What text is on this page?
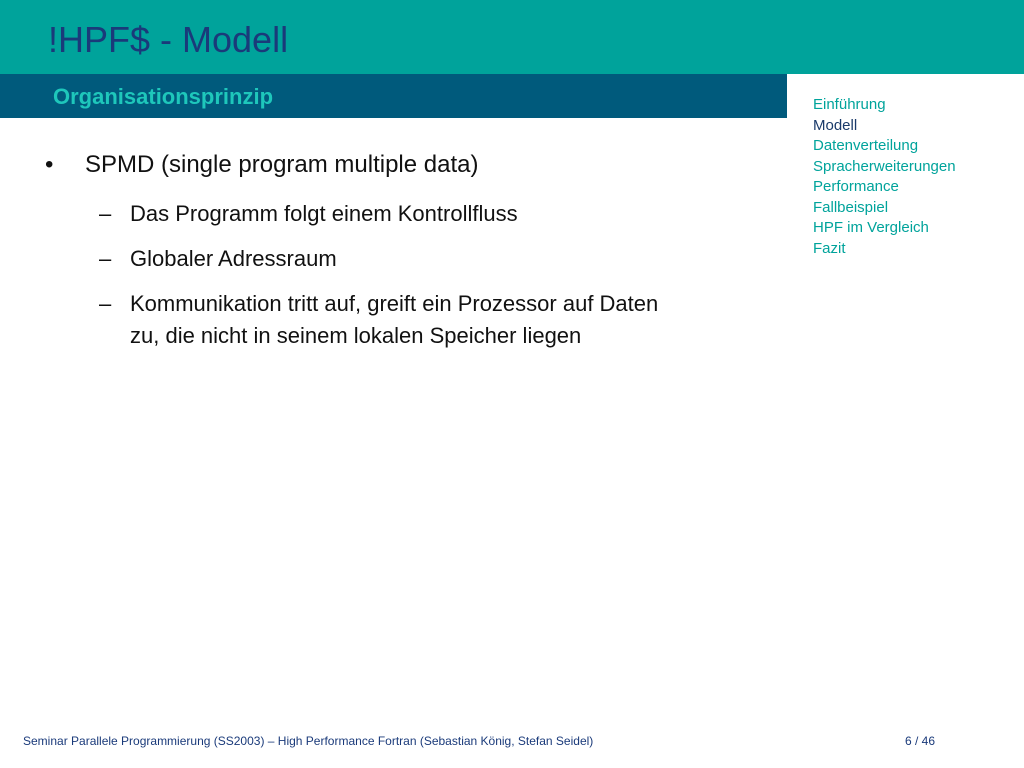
!HPF$ - Modell
Organisationsprinzip
• SPMD (single program multiple data)
– Das Programm folgt einem Kontrollfluss
– Globaler Adressraum
– Kommunikation tritt auf, greift ein Prozessor auf Daten
zu, die nicht in seinem lokalen Speicher liegen
Einführung
Modell
Datenverteilung
Spracherweiterungen
Performance
Fallbeispiel
HPF im Vergleich
Fazit
Seminar Parallele Programmierung (SS2003) – High Performance Fortran (Sebastian König, Stefan Seidel)	6 / 46
